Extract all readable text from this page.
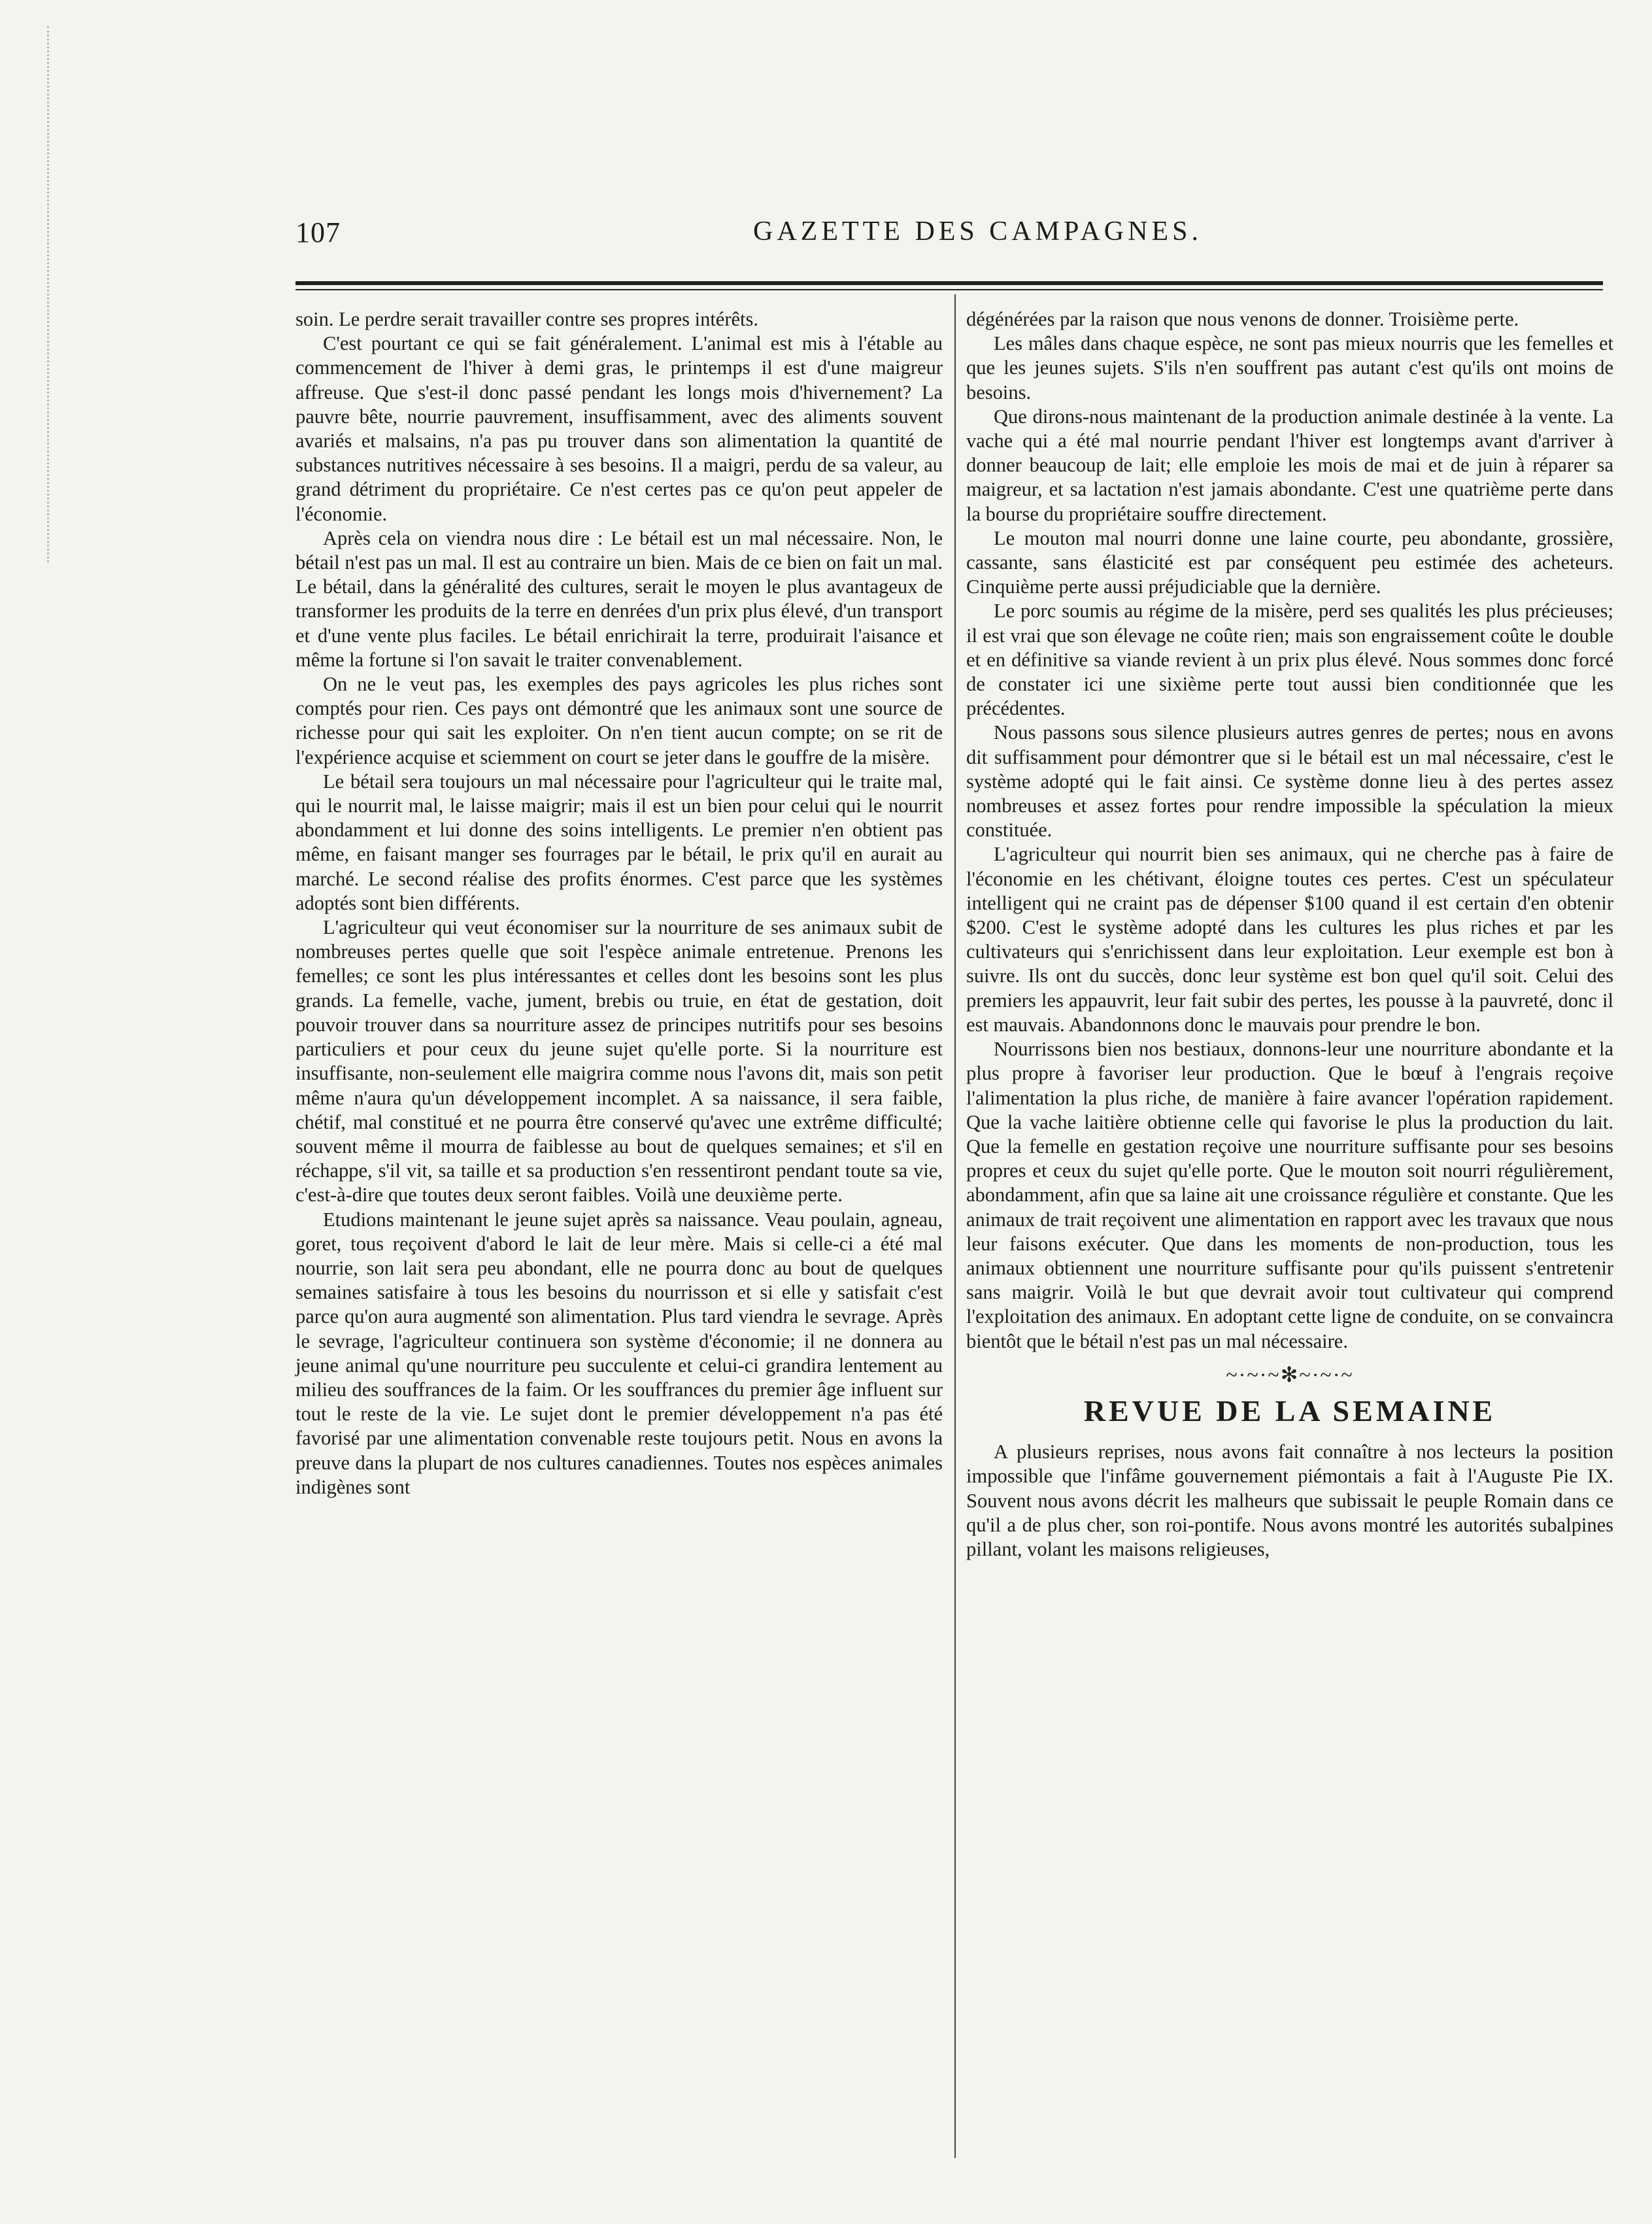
107	GAZETTE DES CAMPAGNES.

soin. Le perdre serait travailler contre ses propres intérêts.

C'est pourtant ce qui se fait généralement. L'animal est mis à l'étable au commencement de l'hiver à demi gras, le printemps il est d'une maigreur affreuse. Que s'est-il donc passé pendant les longs mois d'hivernement? La pauvre bête, nourrie pauvrement, insuffisamment, avec des aliments souvent avariés et malsains, n'a pas pu trouver dans son alimentation la quantité de substances nutritives nécessaire à ses besoins. Il a maigri, perdu de sa valeur, au grand détriment du propriétaire. Ce n'est certes pas ce qu'on peut appeler de l'économie.

Après cela on viendra nous dire : Le bétail est un mal nécessaire. Non, le bétail n'est pas un mal. Il est au contraire un bien. Mais de ce bien on fait un mal. Le bétail, dans la généralité des cultures, serait le moyen le plus avantageux de transformer les produits de la terre en denrées d'un prix plus élevé, d'un transport et d'une vente plus faciles. Le bétail enrichirait la terre, produirait l'aisance et même la fortune si l'on savait le traiter convenablement.

On ne le veut pas, les exemples des pays agricoles les plus riches sont comptés pour rien. Ces pays ont démontré que les animaux sont une source de richesse pour qui sait les exploiter. On n'en tient aucun compte; on se rit de l'expérience acquise et sciemment on court se jeter dans le gouffre de la misère.

Le bétail sera toujours un mal nécessaire pour l'agriculteur qui le traite mal, qui le nourrit mal, le laisse maigrir; mais il est un bien pour celui qui le nourrit abondamment et lui donne des soins intelligents. Le premier n'en obtient pas même, en faisant manger ses fourrages par le bétail, le prix qu'il en aurait au marché. Le second réalise des profits énormes. C'est parce que les systèmes adoptés sont bien différents.

L'agriculteur qui veut économiser sur la nourriture de ses animaux subit de nombreuses pertes quelle que soit l'espèce animale entretenue. Prenons les femelles; ce sont les plus intéressantes et celles dont les besoins sont les plus grands. La femelle, vache, jument, brebis ou truie, en état de gestation, doit pouvoir trouver dans sa nourriture assez de principes nutritifs pour ses besoins particuliers et pour ceux du jeune sujet qu'elle porte. Si la nourriture est insuffisante, non-seulement elle maigrira comme nous l'avons dit, mais son petit même n'aura qu'un développement incomplet. A sa naissance, il sera faible, chétif, mal constitué et ne pourra être conservé qu'avec une extrême difficulté; souvent même il mourra de faiblesse au bout de quelques semaines; et s'il en réchappe, s'il vit, sa taille et sa production s'en ressentiront pendant toute sa vie, c'est-à-dire que toutes deux seront faibles. Voilà une deuxième perte.

Etudions maintenant le jeune sujet après sa naissance. Veau poulain, agneau, goret, tous reçoivent d'abord le lait de leur mère. Mais si celle-ci a été mal nourrie, son lait sera peu abondant, elle ne pourra donc au bout de quelques semaines satisfaire à tous les besoins du nourrisson et si elle y satisfait c'est parce qu'on aura augmenté son alimentation. Plus tard viendra le sevrage. Après le sevrage, l'agriculteur continuera son système d'économie; il ne donnera au jeune animal qu'une nourriture peu succulente et celui-ci grandira lentement au milieu des souffrances de la faim. Or les souffrances du premier âge influent sur tout le reste de la vie. Le sujet dont le premier développement n'a pas été favorisé par une alimentation convenable reste toujours petit. Nous en avons la preuve dans la plupart de nos cultures canadiennes. Toutes nos espèces animales indigènes sont

dégénérées par la raison que nous venons de donner. Troisième perte.

Les mâles dans chaque espèce, ne sont pas mieux nourris que les femelles et que les jeunes sujets. S'ils n'en souffrent pas autant c'est qu'ils ont moins de besoins.

Que dirons-nous maintenant de la production animale destinée à la vente. La vache qui a été mal nourrie pendant l'hiver est longtemps avant d'arriver à donner beaucoup de lait; elle emploie les mois de mai et de juin à réparer sa maigreur, et sa lactation n'est jamais abondante. C'est une quatrième perte dans la bourse du propriétaire souffre directement.

Le mouton mal nourri donne une laine courte, peu abondante, grossière, cassante, sans élasticité est par conséquent peu estimée des acheteurs. Cinquième perte aussi préjudiciable que la dernière.

Le porc soumis au régime de la misère, perd ses qualités les plus précieuses; il est vrai que son élevage ne coûte rien; mais son engraissement coûte le double et en définitive sa viande revient à un prix plus élevé. Nous sommes donc forcé de constater ici une sixième perte tout aussi bien conditionnée que les précédentes.

Nous passons sous silence plusieurs autres genres de pertes; nous en avons dit suffisamment pour démontrer que si le bétail est un mal nécessaire, c'est le système adopté qui le fait ainsi. Ce système donne lieu à des pertes assez nombreuses et assez fortes pour rendre impossible la spéculation la mieux constituée.

L'agriculteur qui nourrit bien ses animaux, qui ne cherche pas à faire de l'économie en les chétivant, éloigne toutes ces pertes. C'est un spéculateur intelligent qui ne craint pas de dépenser $100 quand il est certain d'en obtenir $200. C'est le système adopté dans les cultures les plus riches et par les cultivateurs qui s'enrichissent dans leur exploitation. Leur exemple est bon à suivre. Ils ont du succès, donc leur système est bon quel qu'il soit. Celui des premiers les appauvrit, leur fait subir des pertes, les pousse à la pauvreté, donc il est mauvais. Abandonnons donc le mauvais pour prendre le bon.

Nourrissons bien nos bestiaux, donnons-leur une nourriture abondante et la plus propre à favoriser leur production. Que le bœuf à l'engrais reçoive l'alimentation la plus riche, de manière à faire avancer l'opération rapidement. Que la vache laitière obtienne celle qui favorise le plus la production du lait. Que la femelle en gestation reçoive une nourriture suffisante pour ses besoins propres et ceux du sujet qu'elle porte. Que le mouton soit nourri régulièrement, abondamment, afin que sa laine ait une croissance régulière et constante. Que les animaux de trait reçoivent une alimentation en rapport avec les travaux que nous leur faisons exécuter. Que dans les moments de non-production, tous les animaux obtiennent une nourriture suffisante pour qu'ils puissent s'entretenir sans maigrir. Voilà le but que devrait avoir tout cultivateur qui comprend l'exploitation des animaux. En adoptant cette ligne de conduite, on se convaincra bientôt que le bétail n'est pas un mal nécessaire.

~·~·~✻~·~·~
REVUE DE LA SEMAINE

A plusieurs reprises, nous avons fait connaître à nos lecteurs la position impossible que l'infâme gouvernement piémontais a fait à l'Auguste Pie IX. Souvent nous avons décrit les malheurs que subissait le peuple Romain dans ce qu'il a de plus cher, son roi-pontife. Nous avons montré les autorités subalpines pillant, volant les maisons religieuses,
